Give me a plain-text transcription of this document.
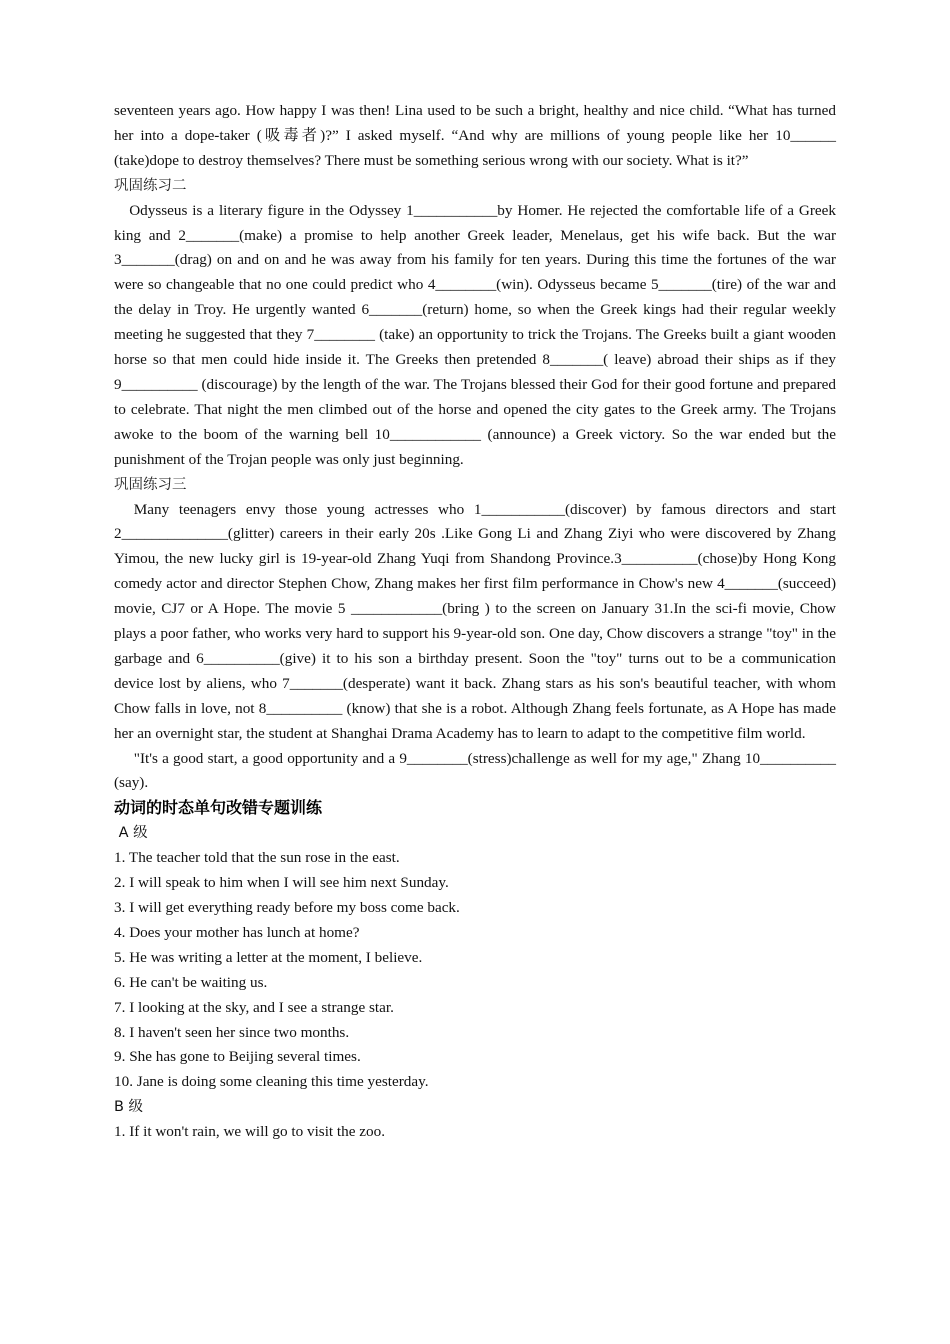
seventeen years ago. How happy I was then! Lina used to be such a bright, healthy and nice child. “What has turned her into a dope-taker (吸毒者)?” I asked myself. “And why are millions of young people like her 10______ (take)dope to destroy themselves? There must be something serious wrong with our society. What is it?”

巩固练习二

Odysseus is a literary figure in the Odyssey 1___________by Homer. He rejected the comfortable life of a Greek king and 2_______(make) a promise to help another Greek leader, Menelaus, get his wife back. But the war 3_______(drag) on and on and he was away from his family for ten years. During this time the fortunes of the war were so changeable that no one could predict who 4________(win). Odysseus became 5_______(tire) of the war and the delay in Troy. He urgently wanted 6_______(return) home, so when the Greek kings had their regular weekly meeting he suggested that they 7________ (take) an opportunity to trick the Trojans. The Greeks built a giant wooden horse so that men could hide inside it. The Greeks then pretended 8_______( leave) abroad their ships as if they 9__________ (discourage) by the length of the war. The Trojans blessed their God for their good fortune and prepared to celebrate. That night the men climbed out of the horse and opened the city gates to the Greek army. The Trojans awoke to the boom of the warning bell 10____________ (announce) a Greek victory. So the war ended but the punishment of the Trojan people was only just beginning.

巩固练习三

Many teenagers envy those young actresses who 1___________(discover) by famous directors and start 2______________(glitter) careers in their early 20s .Like Gong Li and Zhang Ziyi who were discovered by Zhang Yimou, the new lucky girl is 19-year-old Zhang Yuqi from Shandong Province.3__________(chose)by Hong Kong comedy actor and director Stephen Chow, Zhang makes her first film performance in Chow's new 4_______(succeed) movie, CJ7 or A Hope. The movie 5 ____________(bring ) to the screen on January 31.In the sci-fi movie, Chow plays a poor father, who works very hard to support his 9-year-old son. One day, Chow discovers a strange "toy" in the garbage and 6__________(give) it to his son a birthday present. Soon the "toy" turns out to be a communication device lost by aliens, who 7_______(desperate) want it back. Zhang stars as his son's beautiful teacher, with whom Chow falls in love, not 8__________ (know) that she is a robot. Although Zhang feels fortunate, as A Hope has made her an overnight star, the student at Shanghai Drama Academy has to learn to adapt to the competitive film world.

"It's a good start, a good opportunity and a 9________(stress)challenge as well for my age," Zhang 10__________ (say).

动词的时态单句改错专题训练

A 级

1. The teacher told that the sun rose in the east.

2. I will speak to him when I will see him next Sunday.

3. I will get everything ready before my boss come back.

4. Does your mother has lunch at home?

5. He was writing a letter at the moment, I believe.

6. He can't be waiting us.

7. I looking at the sky, and I see a strange star.

8. I haven't seen her since two months.

9. She has gone to Beijing several times.

10. Jane is doing some cleaning this time yesterday.

B 级

1. If it won't rain, we will go to visit the zoo.
